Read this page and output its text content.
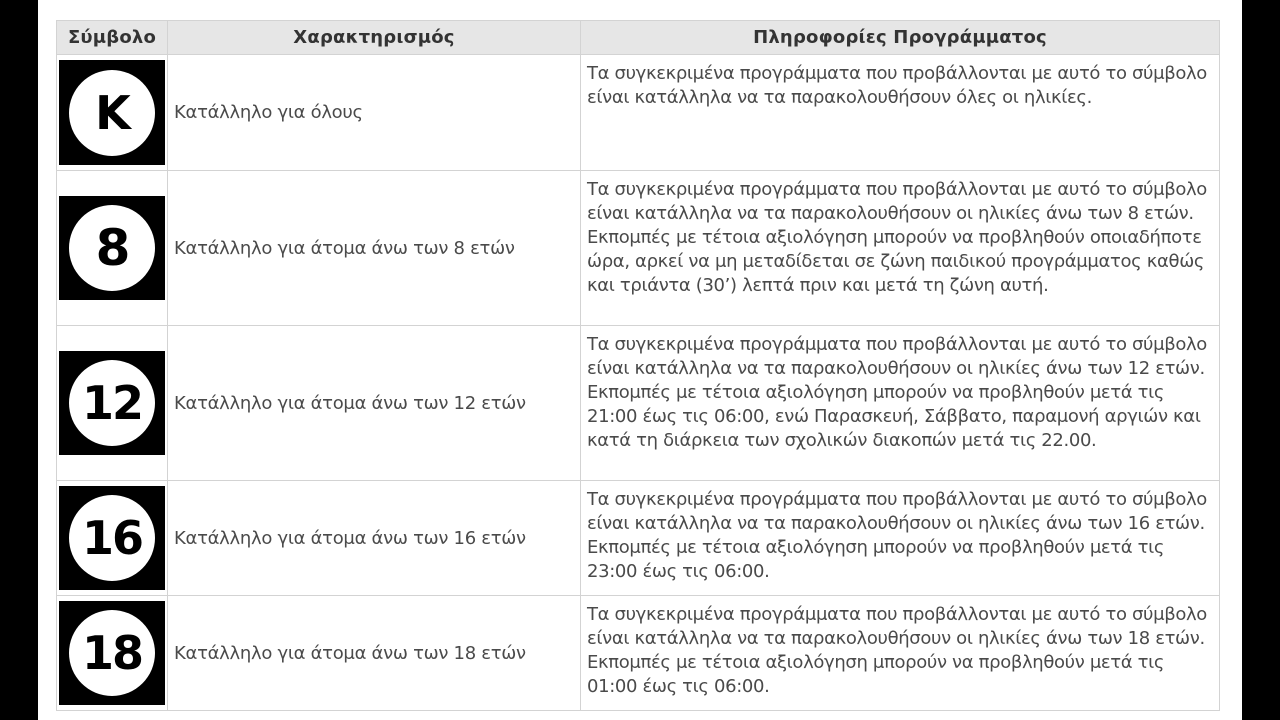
Σύμβολο	Χαρακτηρισμός	Πληροφορίες Προγράμματος

K	Κατάλληλο για όλους	Τα συγκεκριμένα προγράμματα που προβάλλονται με αυτό το σύμβολο είναι κατάλληλα να τα παρακολουθήσουν όλες οι ηλικίες.

8	Κατάλληλο για άτομα άνω των 8 ετών	Τα συγκεκριμένα προγράμματα που προβάλλονται με αυτό το σύμβολο είναι κατάλληλα να τα παρακολουθήσουν οι ηλικίες άνω των 8 ετών. Εκπομπές με τέτοια αξιολόγηση μπορούν να προβληθούν οποιαδήποτε ώρα, αρκεί να μη μεταδίδεται σε ζώνη παιδικού προγράμματος καθώς και τριάντα (30’) λεπτά πριν και μετά τη ζώνη αυτή.

12	Κατάλληλο για άτομα άνω των 12 ετών	Τα συγκεκριμένα προγράμματα που προβάλλονται με αυτό το σύμβολο είναι κατάλληλα να τα παρακολουθήσουν οι ηλικίες άνω των 12 ετών. Εκπομπές με τέτοια αξιολόγηση μπορούν να προβληθούν μετά τις 21:00 έως τις 06:00, ενώ Παρασκευή, Σάββατο, παραμονή αργιών και κατά τη διάρκεια των σχολικών διακοπών μετά τις 22.00.

16	Κατάλληλο για άτομα άνω των 16 ετών	Τα συγκεκριμένα προγράμματα που προβάλλονται με αυτό το σύμβολο είναι κατάλληλα να τα παρακολουθήσουν οι ηλικίες άνω των 16 ετών. Εκπομπές με τέτοια αξιολόγηση μπορούν να προβληθούν μετά τις 23:00 έως τις 06:00.

18	Κατάλληλο για άτομα άνω των 18 ετών	Τα συγκεκριμένα προγράμματα που προβάλλονται με αυτό το σύμβολο είναι κατάλληλα να τα παρακολουθήσουν οι ηλικίες άνω των 18 ετών. Εκπομπές με τέτοια αξιολόγηση μπορούν να προβληθούν μετά τις 01:00 έως τις 06:00.
